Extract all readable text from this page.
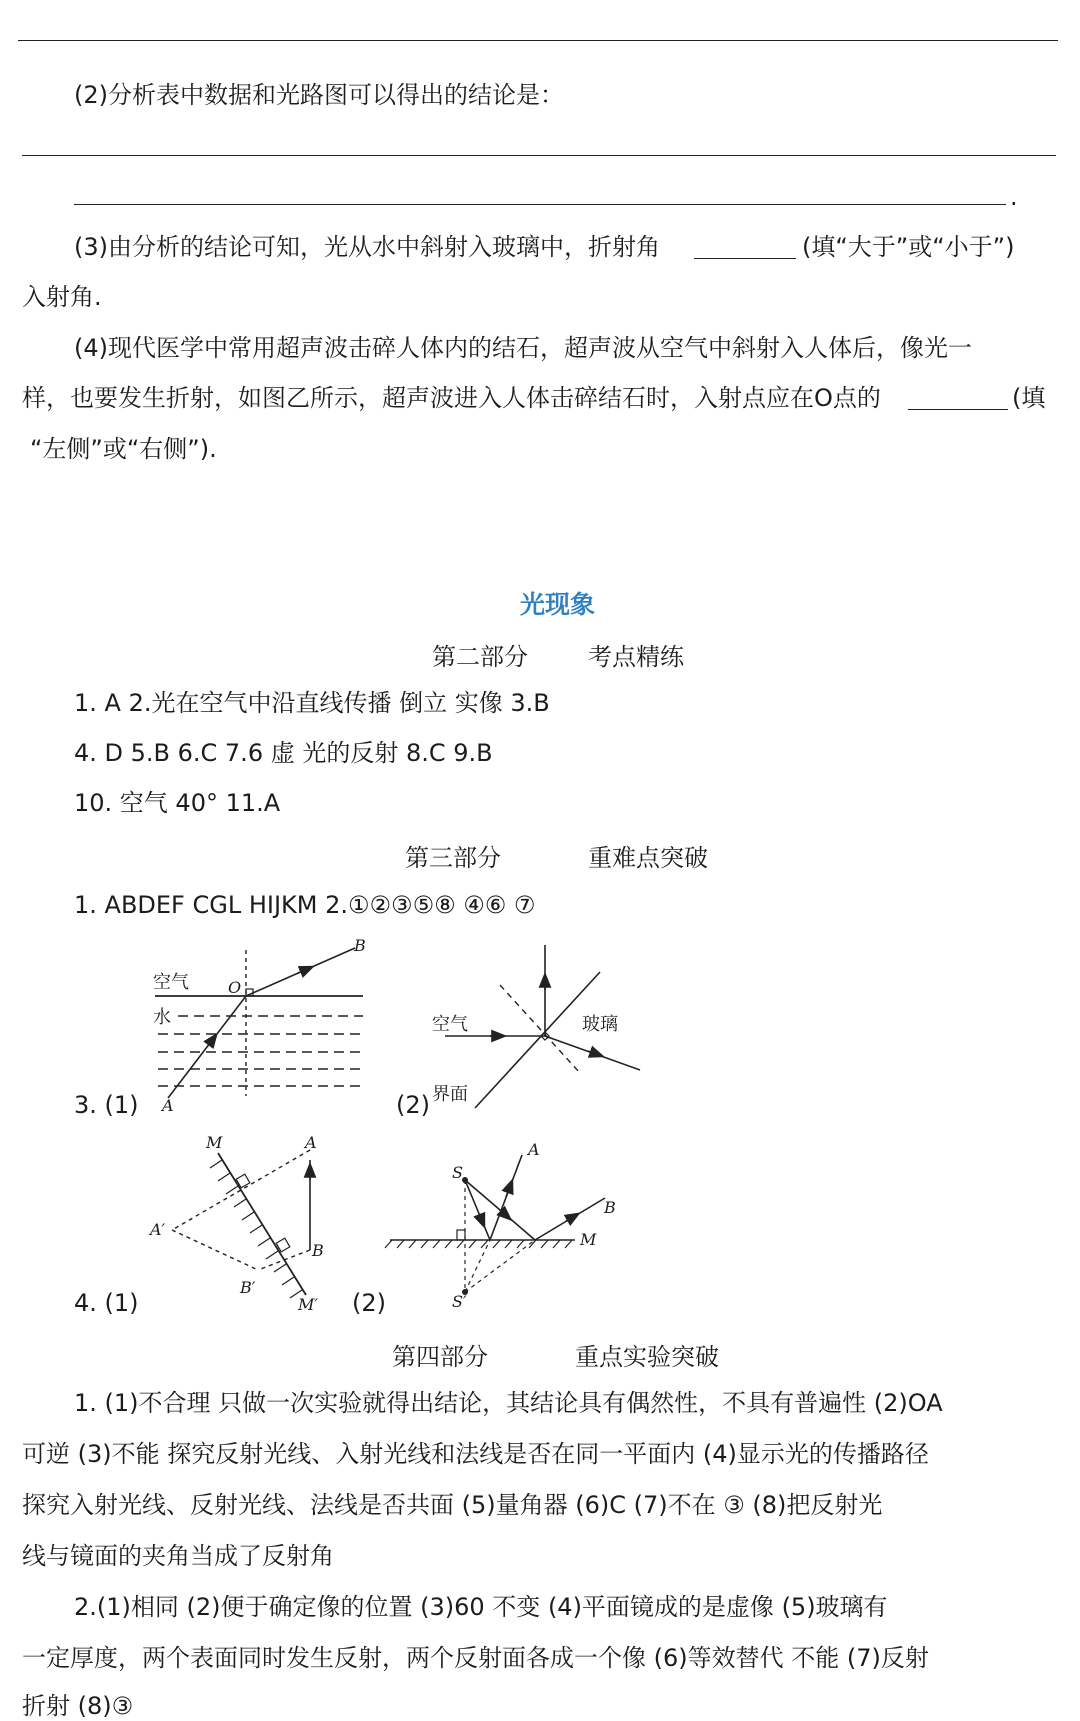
(2)分析表中数据和光路图可以得出的结论是：
.
(3)由分析的结论可知，光从水中斜射入玻璃中，折射角	(填“大于”或“小于”)
入射角.
(4)现代医学中常用超声波击碎人体内的结石，超声波从空气中斜射入人体后，像光一
样，也要发生折射，如图乙所示，超声波进入人体击碎结石时，入射点应在O点的	(填
“左侧”或“右侧”).
光现象
第二部分	考点精练
1. A 2.光在空气中沿直线传播 倒立 实像 3.B
4. D 5.B 6.C 7.6 虚 光的反射 8.C 9.B
10. 空气 40° 11.A
第三部分	重难点突破
1. ABDEF CGL HIJKM 2.①②③⑤⑧ ④⑥ ⑦
空气
水
O
A
B
3. (1)
空气	玻璃
界面
(2)
M	A
A′
B
B′
M′
4. (1)
S
A
B
M
S′
(2)
第四部分	重点实验突破
1. (1)不合理 只做一次实验就得出结论，其结论具有偶然性，不具有普遍性 (2)OA
可逆 (3)不能 探究反射光线、入射光线和法线是否在同一平面内 (4)显示光的传播路径
探究入射光线、反射光线、法线是否共面 (5)量角器 (6)C (7)不在 ③ (8)把反射光
线与镜面的夹角当成了反射角
2.(1)相同 (2)便于确定像的位置 (3)60 不变 (4)平面镜成的是虚像 (5)玻璃有
一定厚度，两个表面同时发生反射，两个反射面各成一个像 (6)等效替代 不能 (7)反射
折射 (8)③
